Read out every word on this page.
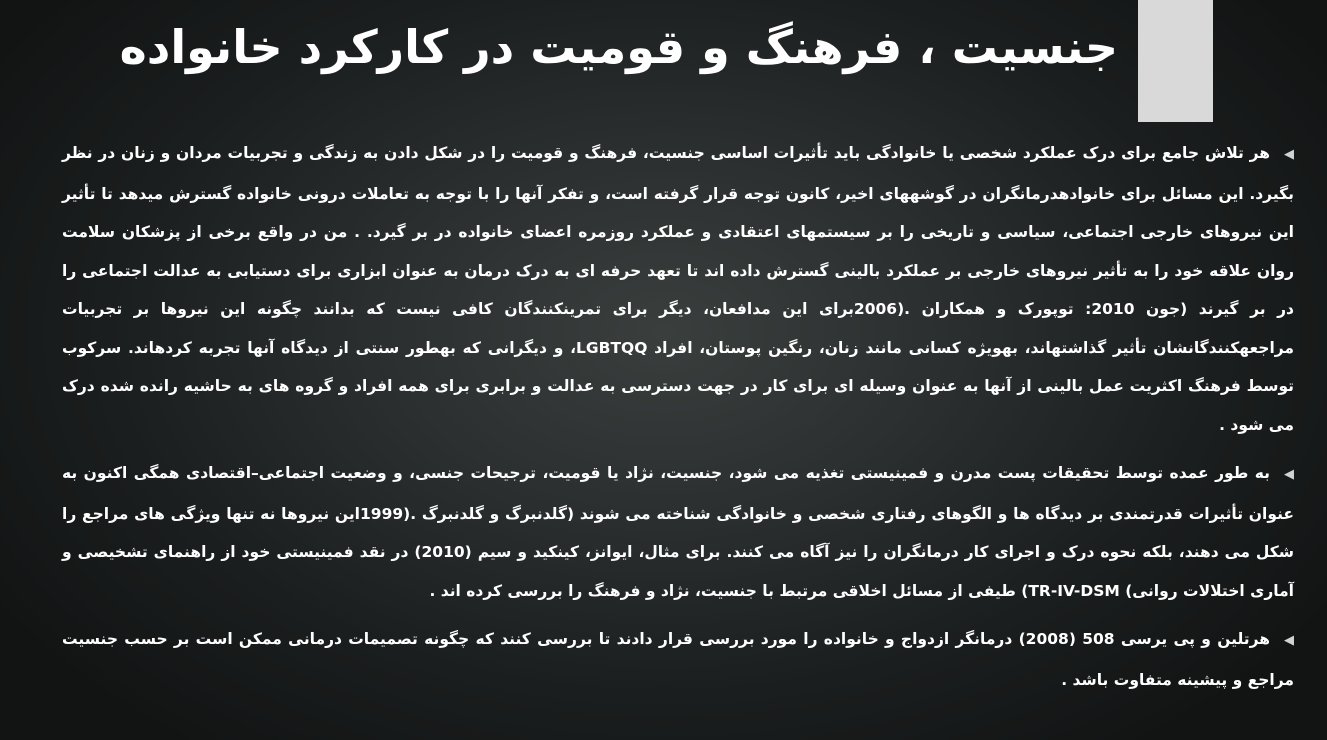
جنسیت ، فرهنگ و قومیت در کارکرد خانواده

▶هر تلاش جامع برای درک عملکرد شخصی یا خانوادگی باید تأثیرات اساسی جنسیت، فرهنگ و قومیت را در شکل دادن به زندگی و تجربیات مردان و زنان در نظر بگیرد. این مسائل برای خانوادهدرمانگران در گوشههای اخیر، کانون توجه قرار گرفته است، و تفکر آنها را با توجه به تعاملات درونی خانواده گسترش میدهد تا تأثیر این نیروهای خارجی اجتماعی، سیاسی و تاریخی را بر سیستمهای اعتقادی و عملکرد روزمره اعضای خانواده در بر گیرد. . من در واقع برخی از پزشکان سلامت روان علاقه خود را به تأثیر نیروهای خارجی بر عملکرد بالینی گسترش داده اند تا تعهد حرفه ای به درک درمان به عنوان ابزاری برای دستیابی به عدالت اجتماعی را در بر گیرند (جون 2010: توپورک و همکاران .(2006برای این مدافعان، دیگر برای تمرینکنندگان کافی نیست که بدانند چگونه این نیروها بر تجربیات مراجعهکنندگانشان تأثیر گذاشتهاند، بهویژه کسانی مانند زنان، رنگین پوستان، افراد LGBTQQ، و دیگرانی که بهطور سنتی از دیدگاه آنها تجربه کردهاند. سرکوب توسط فرهنگ اکثریت عمل بالینی از آنها به عنوان وسیله ای برای کار در جهت دسترسی به عدالت و برابری برای همه افراد و گروه های به حاشیه رانده شده درک می شود .

▶به طور عمده توسط تحقیقات پست مدرن و فمینیستی تغذیه می شود، جنسیت، نژاد یا قومیت، ترجیحات جنسی، و وضعیت اجتماعی–اقتصادی همگی اکنون به عنوان تأثیرات قدرتمندی بر دیدگاه ها و الگوهای رفتاری شخصی و خانوادگی شناخته می شوند (گلدنبرگ و گلدنبرگ .(1999این نیروها نه تنها ویژگی های مراجع را شکل می دهند، بلکه نحوه درک و اجرای کار درمانگران را نیز آگاه می کنند. برای مثال، ایوانز، کینکید و سیم (2010) در نقد فمینیستی خود از راهنمای تشخیصی و آماری اختلالات روانی) TR-IV-DSM) طیفی از مسائل اخلاقی مرتبط با جنسیت، نژاد و فرهنگ را بررسی کرده اند .

▶هرتلین و پی یرسی 508 (2008) درمانگر ازدواج و خانواده را مورد بررسی قرار دادند تا بررسی کنند که چگونه تصمیمات درمانی ممکن است بر حسب جنسیت مراجع و پیشینه متفاوت باشد .
